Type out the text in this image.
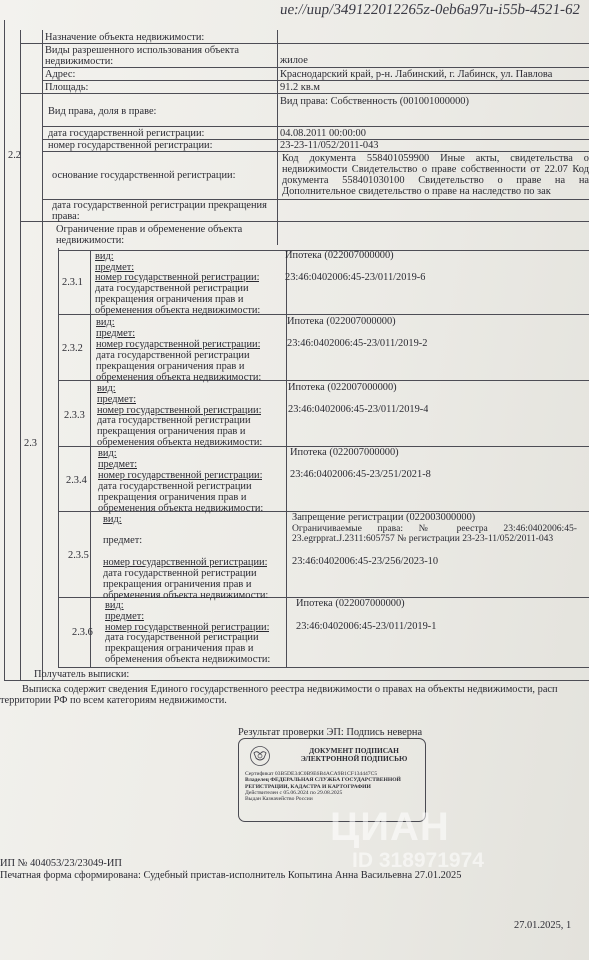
ue://uup/349122012265z-0eb6a97u-i55b-4521-62
2.2
Назначение объекта недвижимости:
Виды разрешенного использования объекта недвижимости:	жилое
Адрес:	Краснодарский край, р-н. Лабинский, г. Лабинск, ул. Павлова
Площадь:	91.2 кв.м
Вид права, доля в праве:
Вид права: Собственность (001001000000)
дата государственной регистрации:	04.08.2011 00:00:00
номер государственной регистрации:	23-23-11/052/2011-043
основание государственной регистрации:
Код документа 558401059900 Иные акты, свидетельства о недвижимости Свидетельство о праве собственности от 22.07 Код документа 558401030100 Свидетельство о праве на на Дополнительное свидетельство о праве на наследство по зак
дата государственной регистрации прекращения права:
2.3
Ограничение прав и обременение объекта недвижимости:
2.3.1
вид:	Ипотека (022007000000)
предмет:
номер государственной регистрации: 23:46:0402006:45-23/011/2019-6
дата государственной регистрации прекращения ограничения прав и обременения объекта недвижимости:
2.3.2
вид:	Ипотека (022007000000)
предмет:
номер государственной регистрации:	23:46:0402006:45-23/011/2019-2
дата государственной регистрации прекращения ограничения прав и обременения объекта недвижимости:
2.3.3
вид:	Ипотека (022007000000)
предмет:
номер государственной регистрации:	23:46:0402006:45-23/011/2019-4
дата государственной регистрации прекращения ограничения прав и обременения объекта недвижимости:
2.3.4
вид:	Ипотека (022007000000)
предмет:
номер государственной регистрации:	23:46:0402006:45-23/251/2021-8
дата государственной регистрации прекращения ограничения прав и обременения объекта недвижимости:
2.3.5
вид:	Запрещение регистрации (022003000000)
предмет:
Ограничиваемые права: № реестра 23:46:0402006:45-23.egrpprat.J.2311:605757 № регистрации 23-23-11/052/2011-043
номер государственной регистрации: 23:46:0402006:45-23/256/2023-10
дата государственной регистрации прекращения ограничения прав и обременения объекта недвижимости:
2.3.6
вид:	Ипотека (022007000000)
предмет:
номер государственной регистрации:	23:46:0402006:45-23/011/2019-1
дата государственной регистрации прекращения ограничения прав и обременения объекта недвижимости:
Получатель выписки:
Выписка содержит сведения Единого государственного реестра недвижимости о правах на объекты недвижимости, расп территории РФ по всем категориям недвижимости.
Результат проверки ЭП: Подпись неверна
ДОКУМЕНТ ПОДПИСАН ЭЛЕКТРОННОЙ ПОДПИСЬЮ
Сертификат 03B5DE34C0B9E6B4ACA9B1CF134447C5
Владелец ФЕДЕРАЛЬНАЯ СЛУЖБА ГОСУДАРСТВЕННОЙ РЕГИСТРАЦИИ, КАДАСТРА И КАРТОГРАФИИ
Действителен с 05.06.2024 по 29.08.2025
Выдан Казначейство России
ЦИАН
ID 318971974
ИП № 404053/23/23049-ИП
Печатная форма сформирована: Судебный пристав-исполнитель Копытина Анна Васильевна 27.01.2025
27.01.2025, 1
